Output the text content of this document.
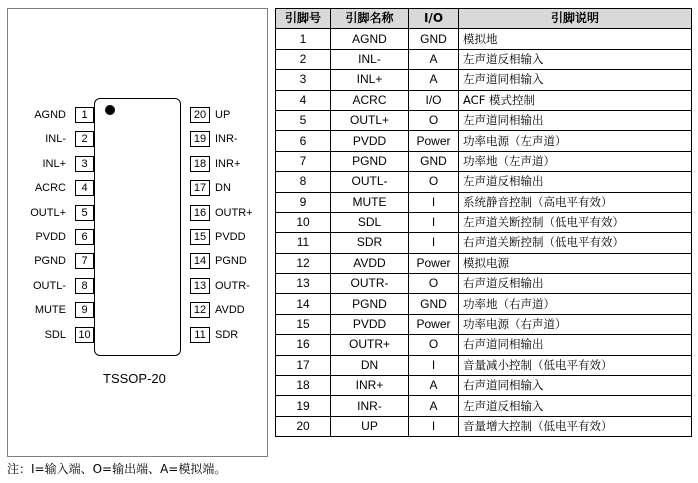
1
AGND
2
INL-
3
INL+
4
ACRC
5
OUTL+
6
PVDD
7
PGND
8
OUTL-
9
MUTE
10
SDL
20 UP
19 INR-
18 INR+
17 DN
16 OUTR+
15 PVDD
14 PGND
13 OUTR-
12 AVDD
11 SDR
TSSOP-20
引脚号	引脚名称	I/O	引脚说明
1	AGND	GND	模拟地
2	INL-	A	左声道反相输入
3	INL+	A	左声道同相输入
4	ACRC	I/O	ACF 模式控制
5	OUTL+	O	左声道同相输出
6	PVDD	Power	功率电源（左声道）
7	PGND	GND	功率地（左声道）
8	OUTL-	O	左声道反相输出
9	MUTE	I	系统静音控制（高电平有效）
10	SDL	I	左声道关断控制（低电平有效）
11	SDR	I	右声道关断控制（低电平有效）
12	AVDD	Power	模拟电源
13	OUTR-	O	右声道反相输出
14	PGND	GND	功率地（右声道）
15	PVDD	Power	功率电源（右声道）
16	OUTR+	O	右声道同相输出
17	DN	I	音量减小控制（低电平有效）
18	INR+	A	右声道同相输入
19	INR-	A	左声道反相输入
20	UP	I	音量增大控制（低电平有效）
注：I=输入端、O=输出端、A=模拟端。
